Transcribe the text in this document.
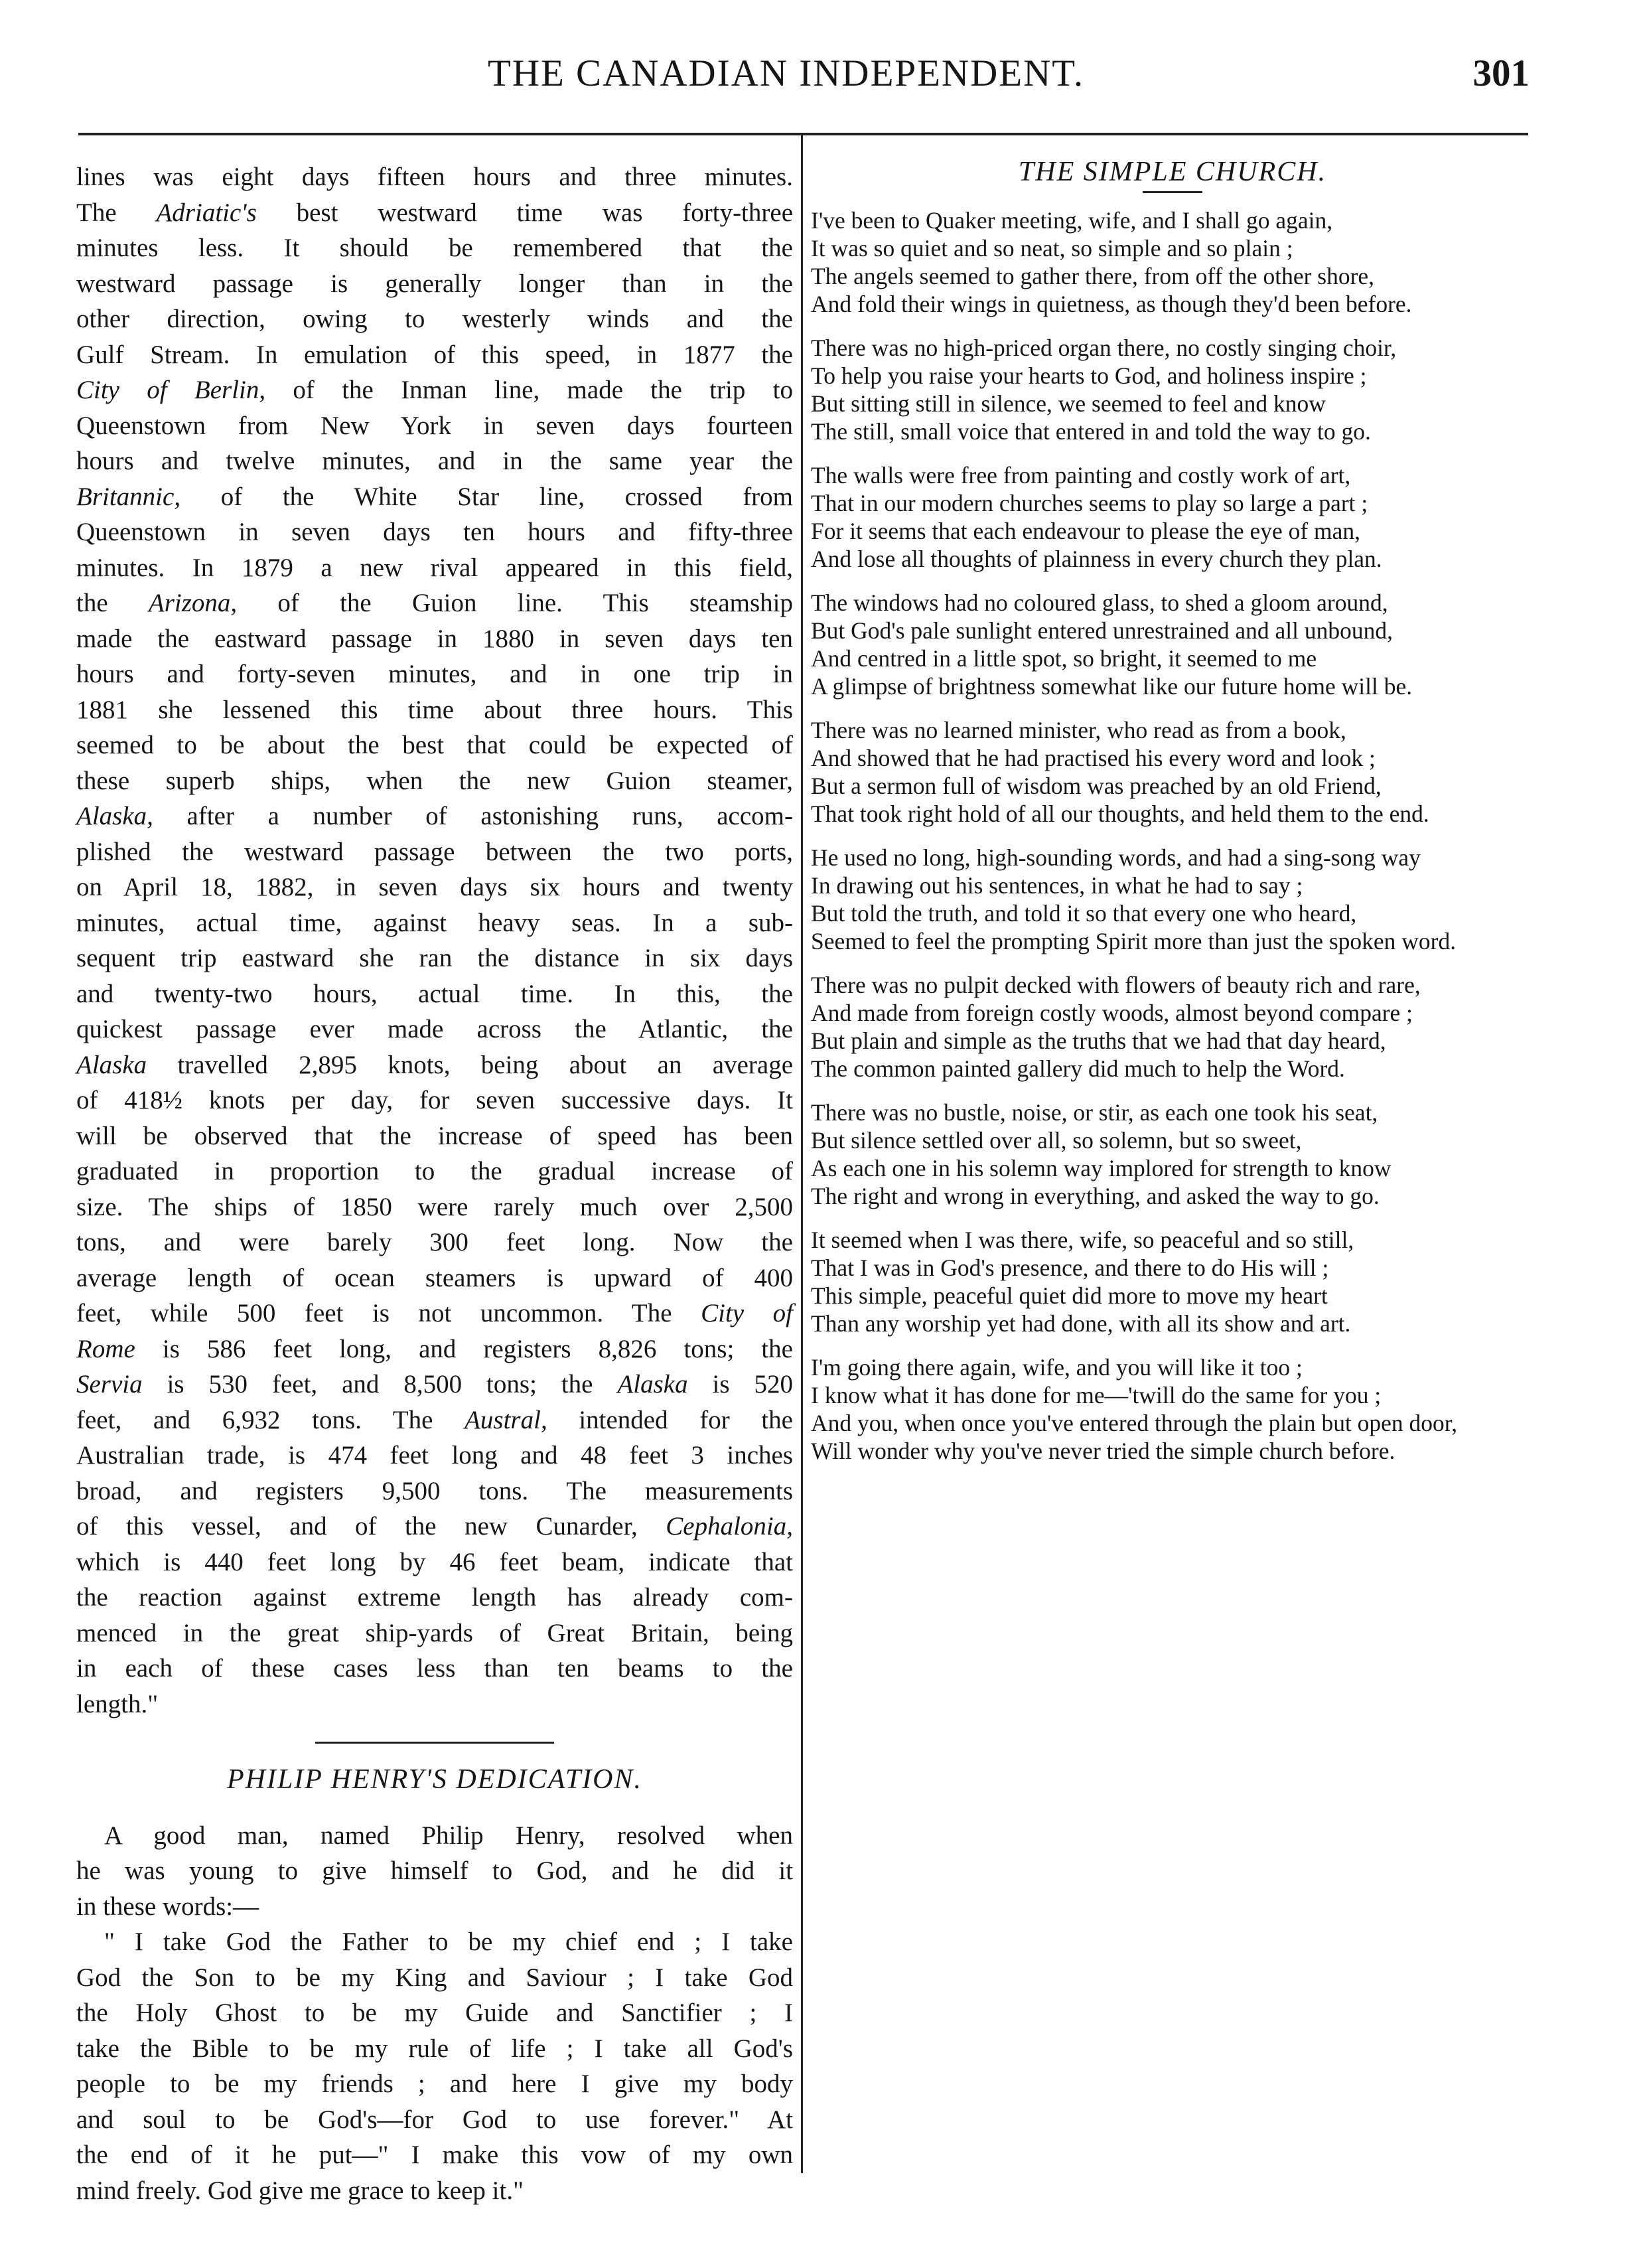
THE CANADIAN INDEPENDENT.	301
lines was eight days fifteen hours and three minutes.
The Adriatic's best westward time was forty-three
minutes less. It should be remembered that the
westward passage is generally longer than in the
other direction, owing to westerly winds and the
Gulf Stream. In emulation of this speed, in 1877 the
City of Berlin, of the Inman line, made the trip to
Queenstown from New York in seven days fourteen
hours and twelve minutes, and in the same year the
Britannic, of the White Star line, crossed from
Queenstown in seven days ten hours and fifty-three
minutes. In 1879 a new rival appeared in this field,
the Arizona, of the Guion line. This steamship
made the eastward passage in 1880 in seven days ten
hours and forty-seven minutes, and in one trip in
1881 she lessened this time about three hours. This
seemed to be about the best that could be expected of
these superb ships, when the new Guion steamer,
Alaska, after a number of astonishing runs, accom-
plished the westward passage between the two ports,
on April 18, 1882, in seven days six hours and twenty
minutes, actual time, against heavy seas. In a sub-
sequent trip eastward she ran the distance in six days
and twenty-two hours, actual time. In this, the
quickest passage ever made across the Atlantic, the
Alaska travelled 2,895 knots, being about an average
of 418½ knots per day, for seven successive days. It
will be observed that the increase of speed has been
graduated in proportion to the gradual increase of
size. The ships of 1850 were rarely much over 2,500
tons, and were barely 300 feet long. Now the
average length of ocean steamers is upward of 400
feet, while 500 feet is not uncommon. The City of
Rome is 586 feet long, and registers 8,826 tons; the
Servia is 530 feet, and 8,500 tons; the Alaska is 520
feet, and 6,932 tons. The Austral, intended for the
Australian trade, is 474 feet long and 48 feet 3 inches
broad, and registers 9,500 tons. The measurements
of this vessel, and of the new Cunarder, Cephalonia,
which is 440 feet long by 46 feet beam, indicate that
the reaction against extreme length has already com-
menced in the great ship-yards of Great Britain, being
in each of these cases less than ten beams to the
length."
PHILIP HENRY'S DEDICATION.
A good man, named Philip Henry, resolved when
he was young to give himself to God, and he did it
in these words:—
" I take God the Father to be my chief end ; I take
God the Son to be my King and Saviour ; I take God
the Holy Ghost to be my Guide and Sanctifier ; I
take the Bible to be my rule of life ; I take all God's
people to be my friends ; and here I give my body
and soul to be God's—for God to use forever." At
the end of it he put—" I make this vow of my own
mind freely. God give me grace to keep it."
THE SIMPLE CHURCH.
I've been to Quaker meeting, wife, and I shall go again,
It was so quiet and so neat, so simple and so plain ;
The angels seemed to gather there, from off the other shore,
And fold their wings in quietness, as though they'd been before.
There was no high-priced organ there, no costly singing choir,
To help you raise your hearts to God, and holiness inspire ;
But sitting still in silence, we seemed to feel and know
The still, small voice that entered in and told the way to go.
The walls were free from painting and costly work of art,
That in our modern churches seems to play so large a part ;
For it seems that each endeavour to please the eye of man,
And lose all thoughts of plainness in every church they plan.
The windows had no coloured glass, to shed a gloom around,
But God's pale sunlight entered unrestrained and all unbound,
And centred in a little spot, so bright, it seemed to me
A glimpse of brightness somewhat like our future home will be.
There was no learned minister, who read as from a book,
And showed that he had practised his every word and look ;
But a sermon full of wisdom was preached by an old Friend,
That took right hold of all our thoughts, and held them to the end.
He used no long, high-sounding words, and had a sing-song way
In drawing out his sentences, in what he had to say ;
But told the truth, and told it so that every one who heard,
Seemed to feel the prompting Spirit more than just the spoken word.
There was no pulpit decked with flowers of beauty rich and rare,
And made from foreign costly woods, almost beyond compare ;
But plain and simple as the truths that we had that day heard,
The common painted gallery did much to help the Word.
There was no bustle, noise, or stir, as each one took his seat,
But silence settled over all, so solemn, but so sweet,
As each one in his solemn way implored for strength to know
The right and wrong in everything, and asked the way to go.
It seemed when I was there, wife, so peaceful and so still,
That I was in God's presence, and there to do His will ;
This simple, peaceful quiet did more to move my heart
Than any worship yet had done, with all its show and art.
I'm going there again, wife, and you will like it too ;
I know what it has done for me—'twill do the same for you ;
And you, when once you've entered through the plain but open door,
Will wonder why you've never tried the simple church before.
